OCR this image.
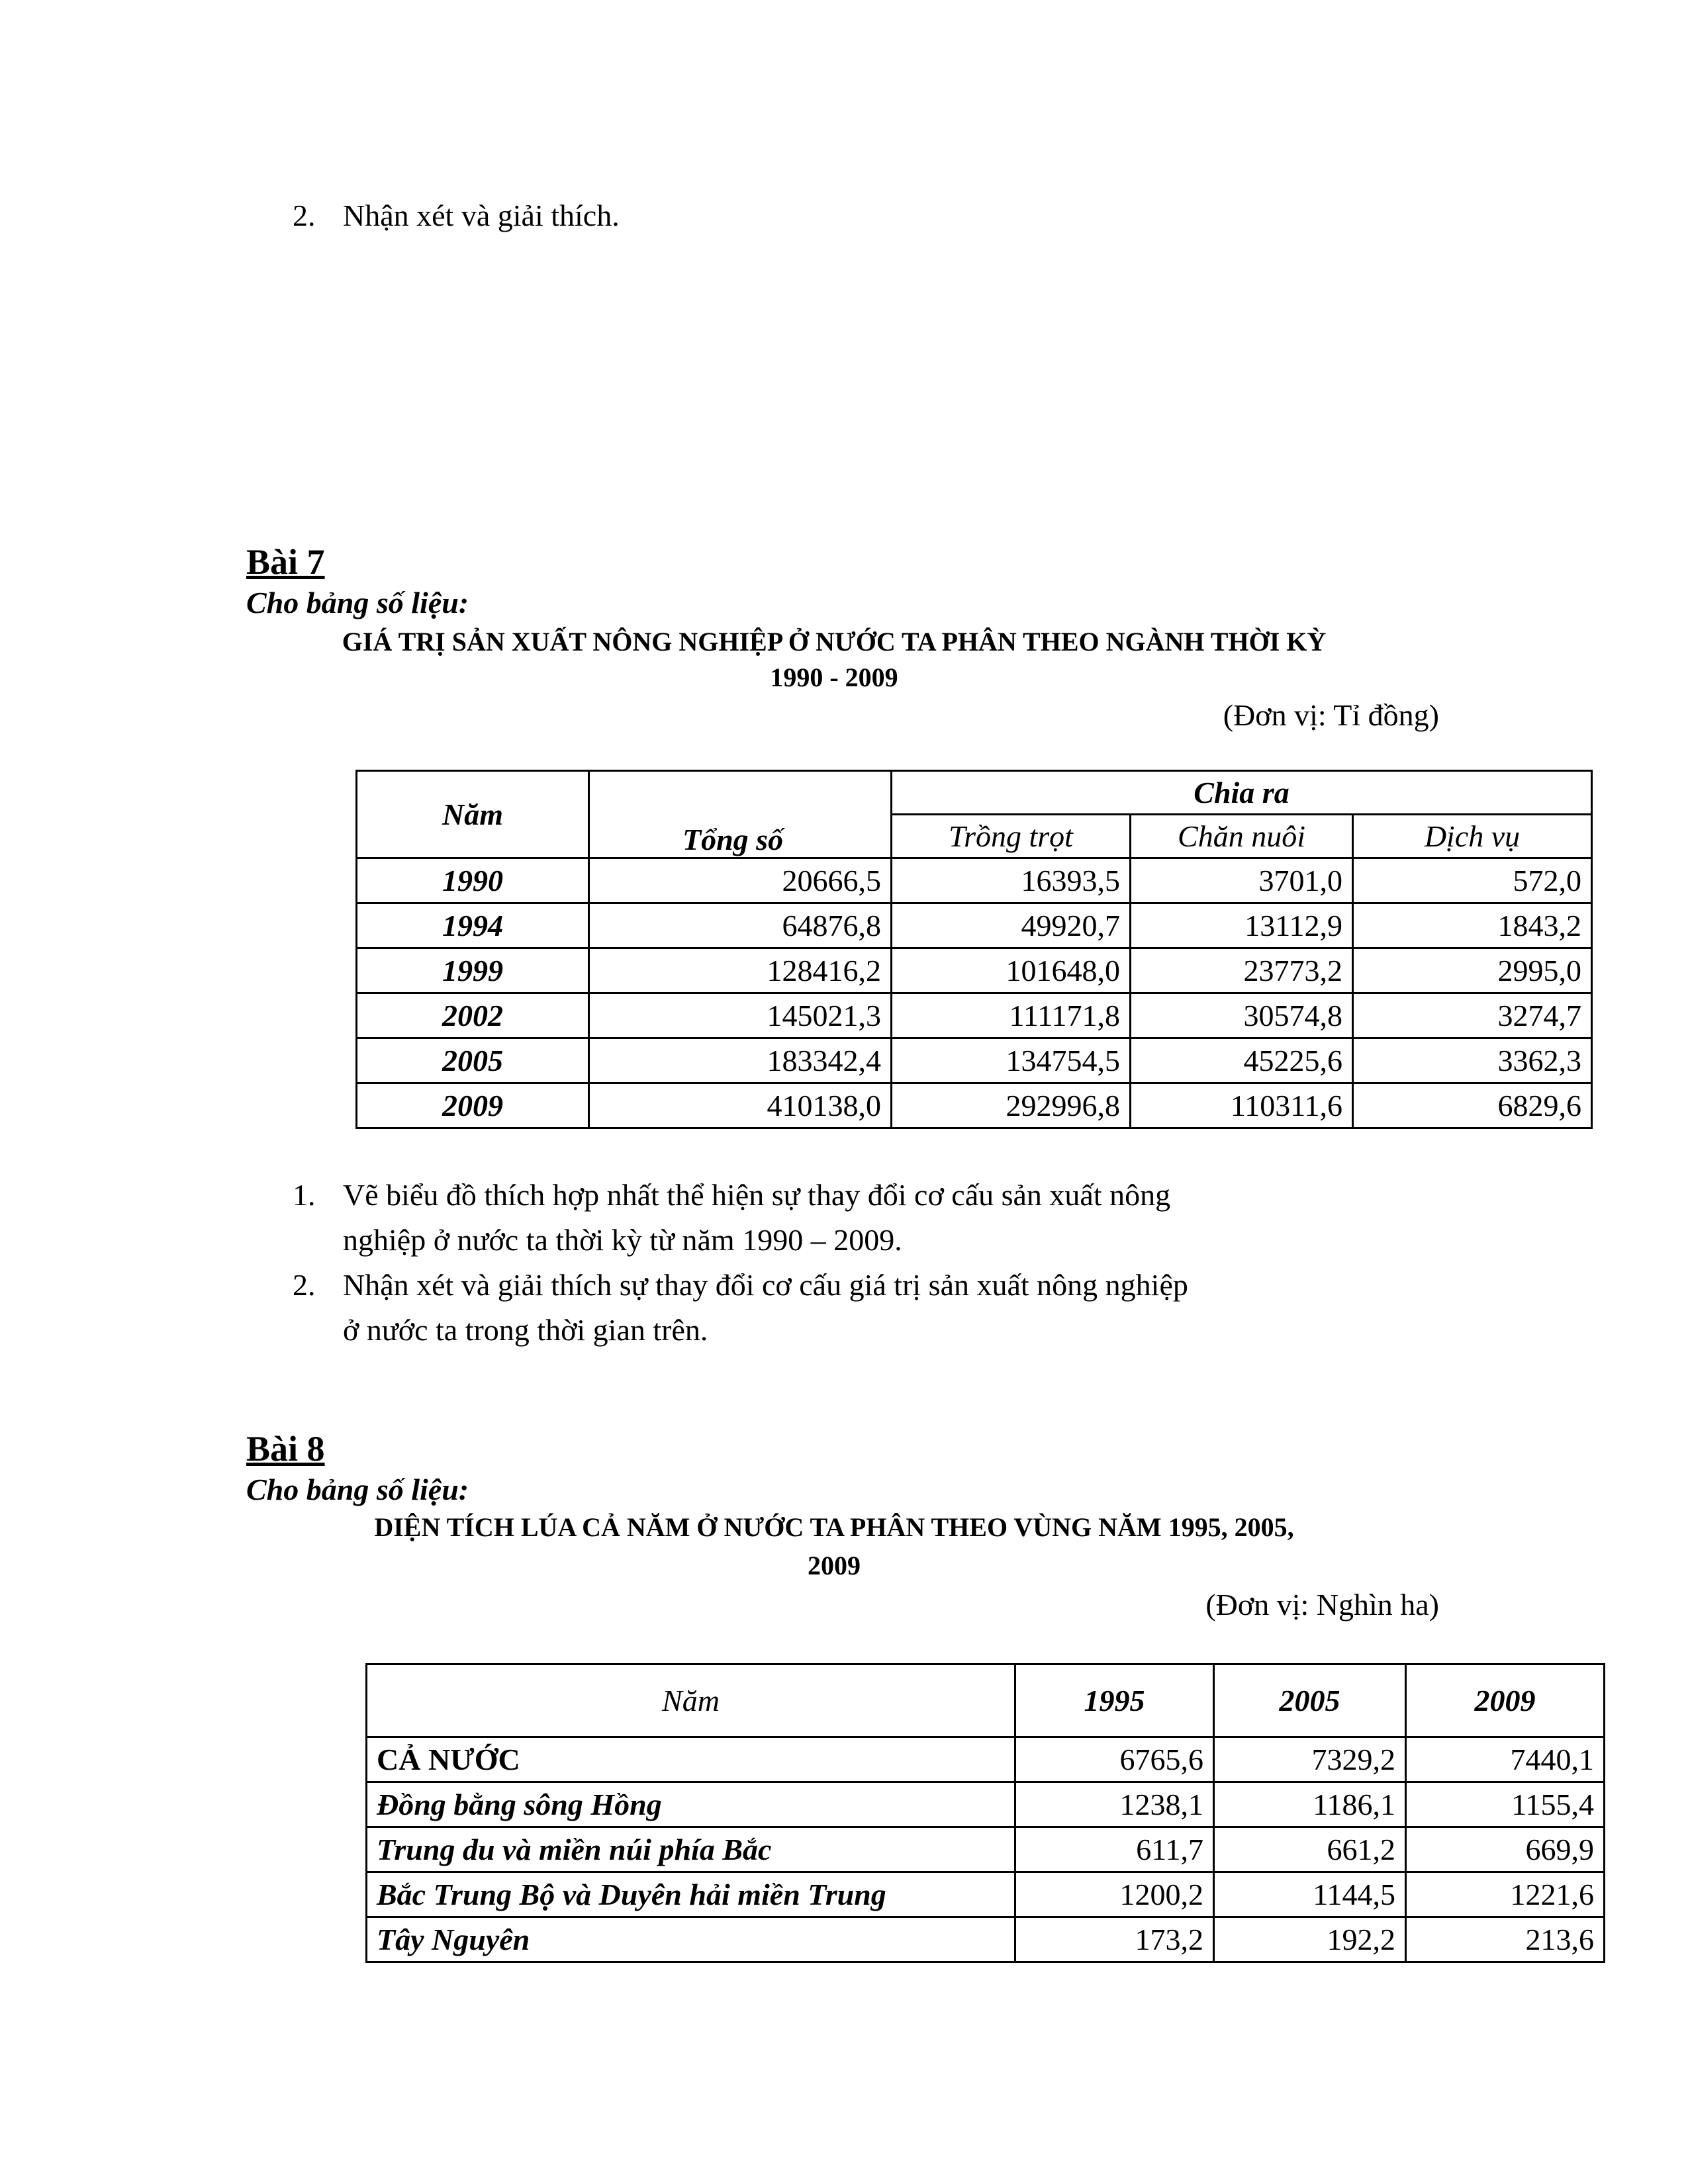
2. Nhận xét và giải thích.
Bài 7
Cho bảng số liệu:
GIÁ TRỊ SẢN XUẤT NÔNG NGHIỆP Ở NƯỚC TA PHÂN THEO NGÀNH THỜI KỲ
1990 - 2009
(Đơn vị: Tỉ đồng)
Năm	Tổng số	Chia ra		
		Trồng trọt	Chăn nuôi	Dịch vụ
1990	20666,5	16393,5	3701,0	572,0
1994	64876,8	49920,7	13112,9	1843,2
1999	128416,2	101648,0	23773,2	2995,0
2002	145021,3	111171,8	30574,8	3274,7
2005	183342,4	134754,5	45225,6	3362,3
2009	410138,0	292996,8	110311,6	6829,6
1. Vẽ biểu đồ thích hợp nhất thể hiện sự thay đổi cơ cấu sản xuất nông
nghiệp ở nước ta thời kỳ từ năm 1990 – 2009.
2. Nhận xét và giải thích sự thay đổi cơ cấu giá trị sản xuất nông nghiệp
ở nước ta trong thời gian trên.
Bài 8
Cho bảng số liệu:
DIỆN TÍCH LÚA CẢ NĂM Ở NƯỚC TA PHÂN THEO VÙNG NĂM 1995, 2005,
2009
(Đơn vị: Nghìn ha)
Năm	1995	2005	2009
CẢ NƯỚC	6765,6	7329,2	7440,1
Đồng bằng sông Hồng	1238,1	1186,1	1155,4
Trung du và miền núi phía Bắc	611,7	661,2	669,9
Bắc Trung Bộ và Duyên hải miền Trung	1200,2	1144,5	1221,6
Tây Nguyên	173,2	192,2	213,6
